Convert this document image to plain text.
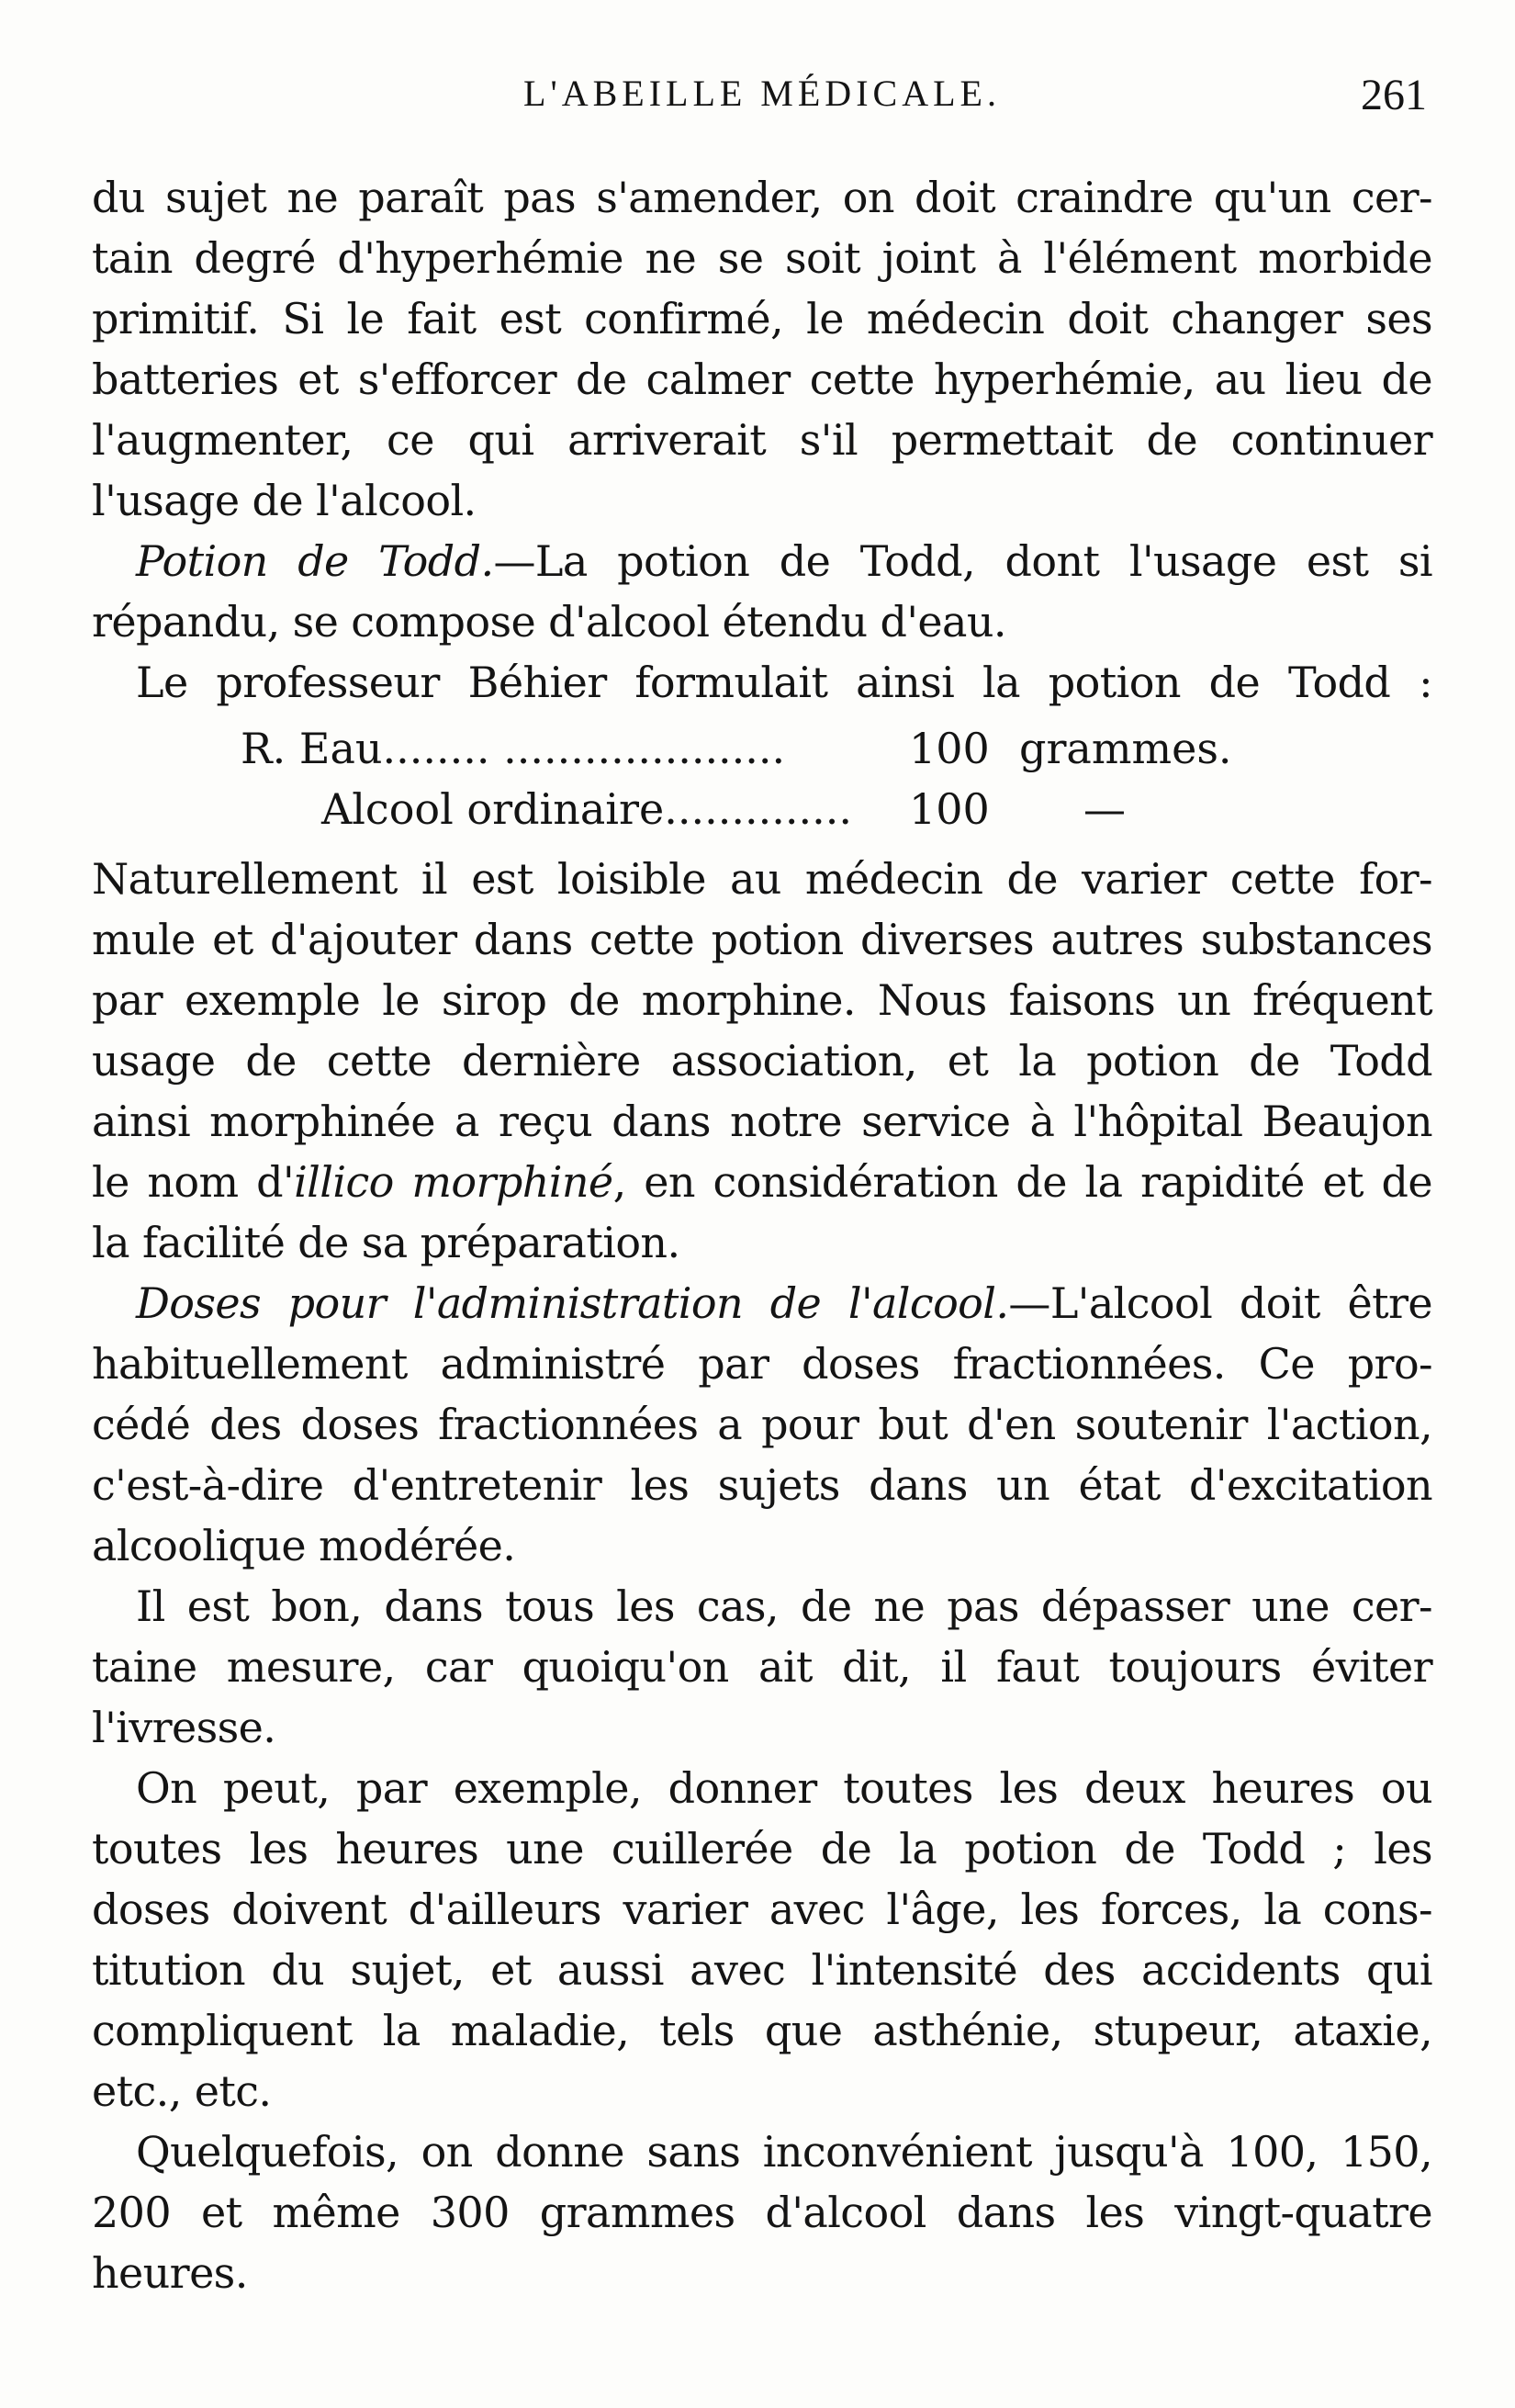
L'ABEILLE MÉDICALE.	261
du sujet ne paraît pas s'amender, on doit craindre qu'un cer-
tain degré d'hyperhémie ne se soit joint à l'élément morbide
primitif. Si le fait est confirmé, le médecin doit changer ses
batteries et s'efforcer de calmer cette hyperhémie, au lieu de
l'augmenter, ce qui arriverait s'il permettait de continuer
l'usage de l'alcool.
Potion de Todd.—La potion de Todd, dont l'usage est si
répandu, se compose d'alcool étendu d'eau.
Le professeur Béhier formulait ainsi la potion de Todd :
R. Eau........ .....................	100 grammes.
Alcool ordinaire.............. 100 —
Naturellement il est loisible au médecin de varier cette for-
mule et d'ajouter dans cette potion diverses autres substances
par exemple le sirop de morphine. Nous faisons un fréquent
usage de cette dernière association, et la potion de Todd
ainsi morphinée a reçu dans notre service à l'hôpital Beaujon
le nom d'illico morphiné, en considération de la rapidité et de
la facilité de sa préparation.
Doses pour l'administration de l'alcool.—L'alcool doit être
habituellement administré par doses fractionnées. Ce pro-
cédé des doses fractionnées a pour but d'en soutenir l'action,
c'est-à-dire d'entretenir les sujets dans un état d'excitation
alcoolique modérée.
Il est bon, dans tous les cas, de ne pas dépasser une cer-
taine mesure, car quoiqu'on ait dit, il faut toujours éviter
l'ivresse.
On peut, par exemple, donner toutes les deux heures ou
toutes les heures une cuillerée de la potion de Todd ; les
doses doivent d'ailleurs varier avec l'âge, les forces, la cons-
titution du sujet, et aussi avec l'intensité des accidents qui
compliquent la maladie, tels que asthénie, stupeur, ataxie,
etc., etc.
Quelquefois, on donne sans inconvénient jusqu'à 100, 150,
200 et même 300 grammes d'alcool dans les vingt-quatre
heures.
